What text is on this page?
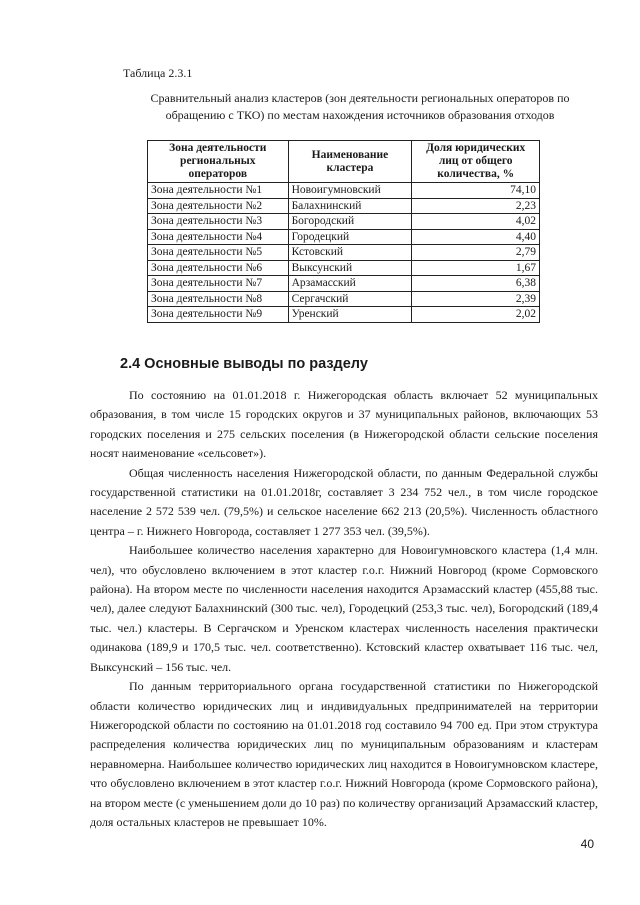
Таблица 2.3.1
Сравнительный анализ кластеров (зон деятельности региональных операторов по обращению с ТКО) по местам нахождения источников образования отходов
Зона деятельности региональных операторов	Наименование кластера	Доля юридических лиц от общего количества, %
Зона деятельности №1	Новоигумновский	74,10
Зона деятельности №2	Балахнинский	2,23
Зона деятельности №3	Богородский	4,02
Зона деятельности №4	Городецкий	4,40
Зона деятельности №5	Кстовский	2,79
Зона деятельности №6	Выксунский	1,67
Зона деятельности №7	Арзамасский	6,38
Зона деятельности №8	Сергачский	2,39
Зона деятельности №9	Уренский	2,02
2.4 Основные выводы по разделу

По состоянию на 01.01.2018 г. Нижегородская область включает 52 муниципальных образования, в том числе 15 городских округов и 37 муниципальных районов, включающих 53 городских поселения и 275 сельских поселения (в Нижегородской области сельские поселения носят наименование «сельсовет»).

Общая численность населения Нижегородской области, по данным Федеральной службы государственной статистики на 01.01.2018г, составляет 3 234 752 чел., в том числе городское население 2 572 539 чел. (79,5%) и сельское население 662 213 (20,5%). Численность областного центра – г. Нижнего Новгорода, составляет 1 277 353 чел. (39,5%).

Наибольшее количество населения характерно для Новоигумновского кластера (1,4 млн. чел), что обусловлено включением в этот кластер г.о.г. Нижний Новгород (кроме Сормовского района). На втором месте по численности населения находится Арзамасский кластер (455,88 тыс. чел), далее следуют Балахнинский (300 тыс. чел), Городецкий (253,3 тыс. чел), Богородский (189,4 тыс. чел.) кластеры. В Сергачском и Уренском кластерах численность населения практически одинакова (189,9 и 170,5 тыс. чел. соответственно). Кстовский кластер охватывает 116 тыс. чел, Выксунский – 156 тыс. чел.

По данным территориального органа государственной статистики по Нижегородской области количество юридических лиц и индивидуальных предпринимателей на территории Нижегородской области по состоянию на 01.01.2018 год составило 94 700 ед. При этом структура распределения количества юридических лиц по муниципальным образованиям и кластерам неравномерна. Наибольшее количество юридических лиц находится в Новоигумновском кластере, что обусловлено включением в этот кластер г.о.г. Нижний Новгорода (кроме Сормовского района), на втором месте (с уменьшением доли до 10 раз) по количеству организаций Арзамасский кластер, доля остальных кластеров не превышает 10%.

40
